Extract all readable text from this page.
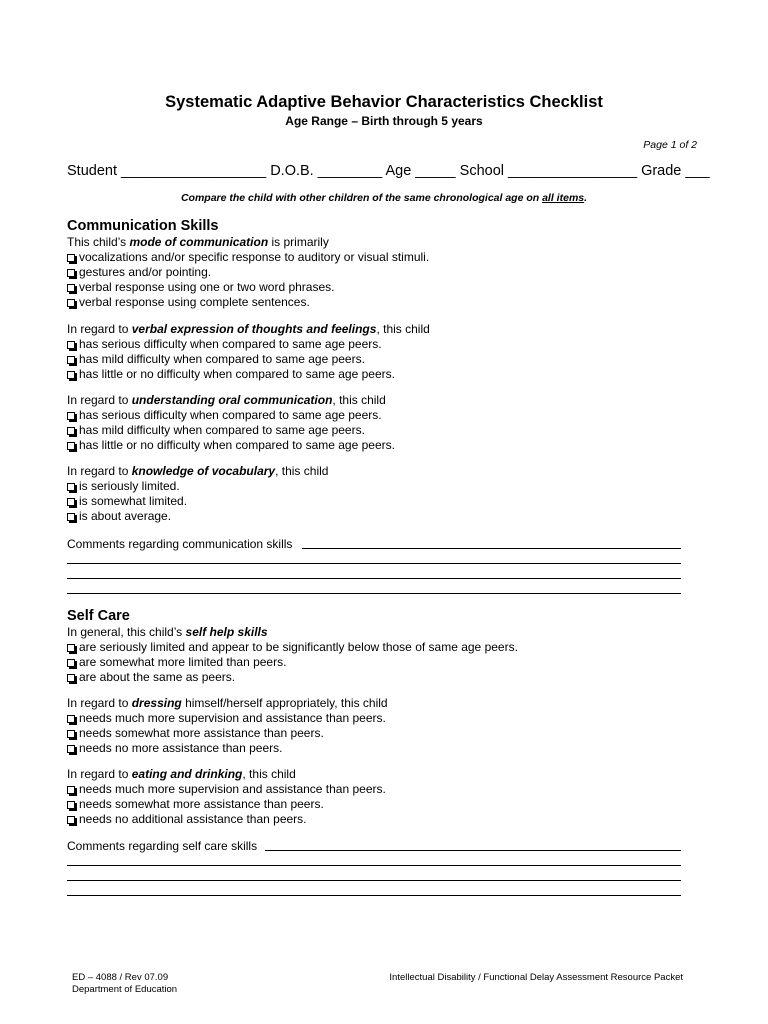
Systematic Adaptive Behavior Characteristics Checklist
Age Range – Birth through 5 years
Page 1 of 2
Student __________________ D.O.B. ________ Age _____ School ________________ Grade ___
Compare the child with other children of the same chronological age on all items.
Communication Skills
This child’s mode of communication is primarily
vocalizations and/or specific response to auditory or visual stimuli.
gestures and/or pointing.
verbal response using one or two word phrases.
verbal response using complete sentences.
In regard to verbal expression of thoughts and feelings, this child
has serious difficulty when compared to same age peers.
has mild difficulty when compared to same age peers.
has little or no difficulty when compared to same age peers.
In regard to understanding oral communication, this child
has serious difficulty when compared to same age peers.
has mild difficulty when compared to same age peers.
has little or no difficulty when compared to same age peers.
In regard to knowledge of vocabulary, this child
is seriously limited.
is somewhat limited.
is about average.
Comments regarding communication skills
Self Care
In general, this child’s self help skills
are seriously limited and appear to be significantly below those of same age peers.
are somewhat more limited than peers.
are about the same as peers.
In regard to dressing himself/herself appropriately, this child
needs much more supervision and assistance than peers.
needs somewhat more assistance than peers.
needs no more assistance than peers.
In regard to eating and drinking, this child
needs much more supervision and assistance than peers.
needs somewhat more assistance than peers.
needs no additional assistance than peers.
Comments regarding self care skills
ED – 4088 / Rev 07.09
Department of Education
Intellectual Disability / Functional Delay Assessment Resource Packet
